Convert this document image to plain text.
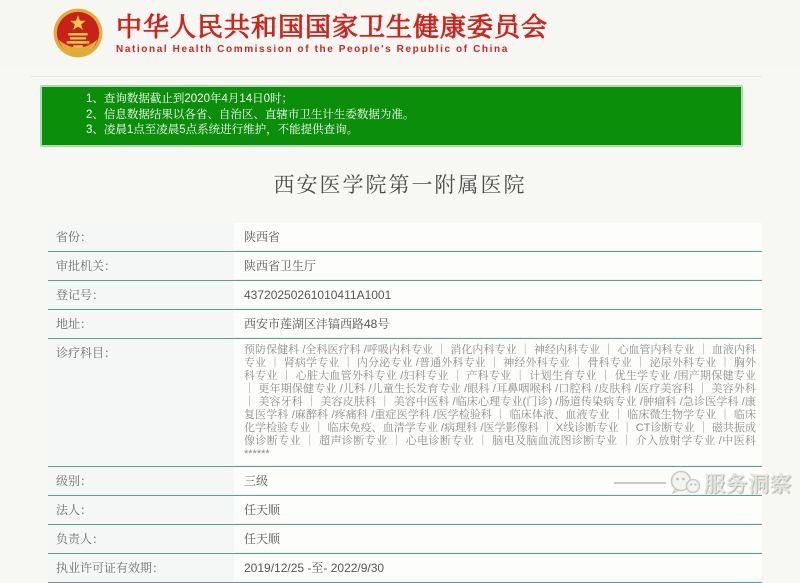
中华人民共和国国家卫生健康委员会
National Health Commission of the People's Republic of China
1、查询数据截止到2020年4月14日0时；
2、信息数据结果以各省、自治区、直辖市卫生计生委数据为准。
3、凌晨1点至凌晨5点系统进行维护，不能提供查询。
西安医学院第一附属医院
省份：	陕西省
审批机关：	陕西省卫生厅
登记号：	43720250261010411A1001
地址：	西安市莲湖区沣镐西路48号
诊疗科目：	预防保健科 /全科医疗科 /呼吸内科专业 ｜ 消化内科专业 ｜ 神经内科专业 ｜ 心血管内科专业 ｜ 血液内科专业 ｜ 肾病学专业 ｜ 内分泌专业 /普通外科专业 ｜ 神经外科专业 ｜ 骨科专业 ｜ 泌尿外科专业 ｜ 胸外科专业 ｜ 心脏大血管外科专业 /妇科专业 ｜ 产科专业 ｜ 计划生育专业 ｜ 优生学专业 /围产期保健专业 ｜ 更年期保健专业 /儿科 /儿童生长发育专业 /眼科 /耳鼻咽喉科 /口腔科 /皮肤科 /医疗美容科 ｜ 美容外科 ｜ 美容牙科 ｜ 美容皮肤科 ｜ 美容中医科 /临床心理专业(门诊) /肠道传染病专业 /肿瘤科 /急诊医学科 /康复医学科 /麻醉科 /疼痛科 /重症医学科 /医学检验科 ｜ 临床体液、血液专业 ｜ 临床微生物学专业 ｜ 临床化学检验专业 ｜ 临床免疫、血清学专业 /病理科 /医学影像科 ｜ X线诊断专业 ｜ CT诊断专业 ｜ 磁共振成像诊断专业 ｜ 超声诊断专业 ｜ 心电诊断专业 ｜ 脑电及脑血流图诊断专业 ｜ 介入放射学专业 /中医科******
级别：	三级
法人：	任天顺
负责人：	任天顺
执业许可证有效期：	2019/12/25 -至- 2022/9/30
服务洞察
